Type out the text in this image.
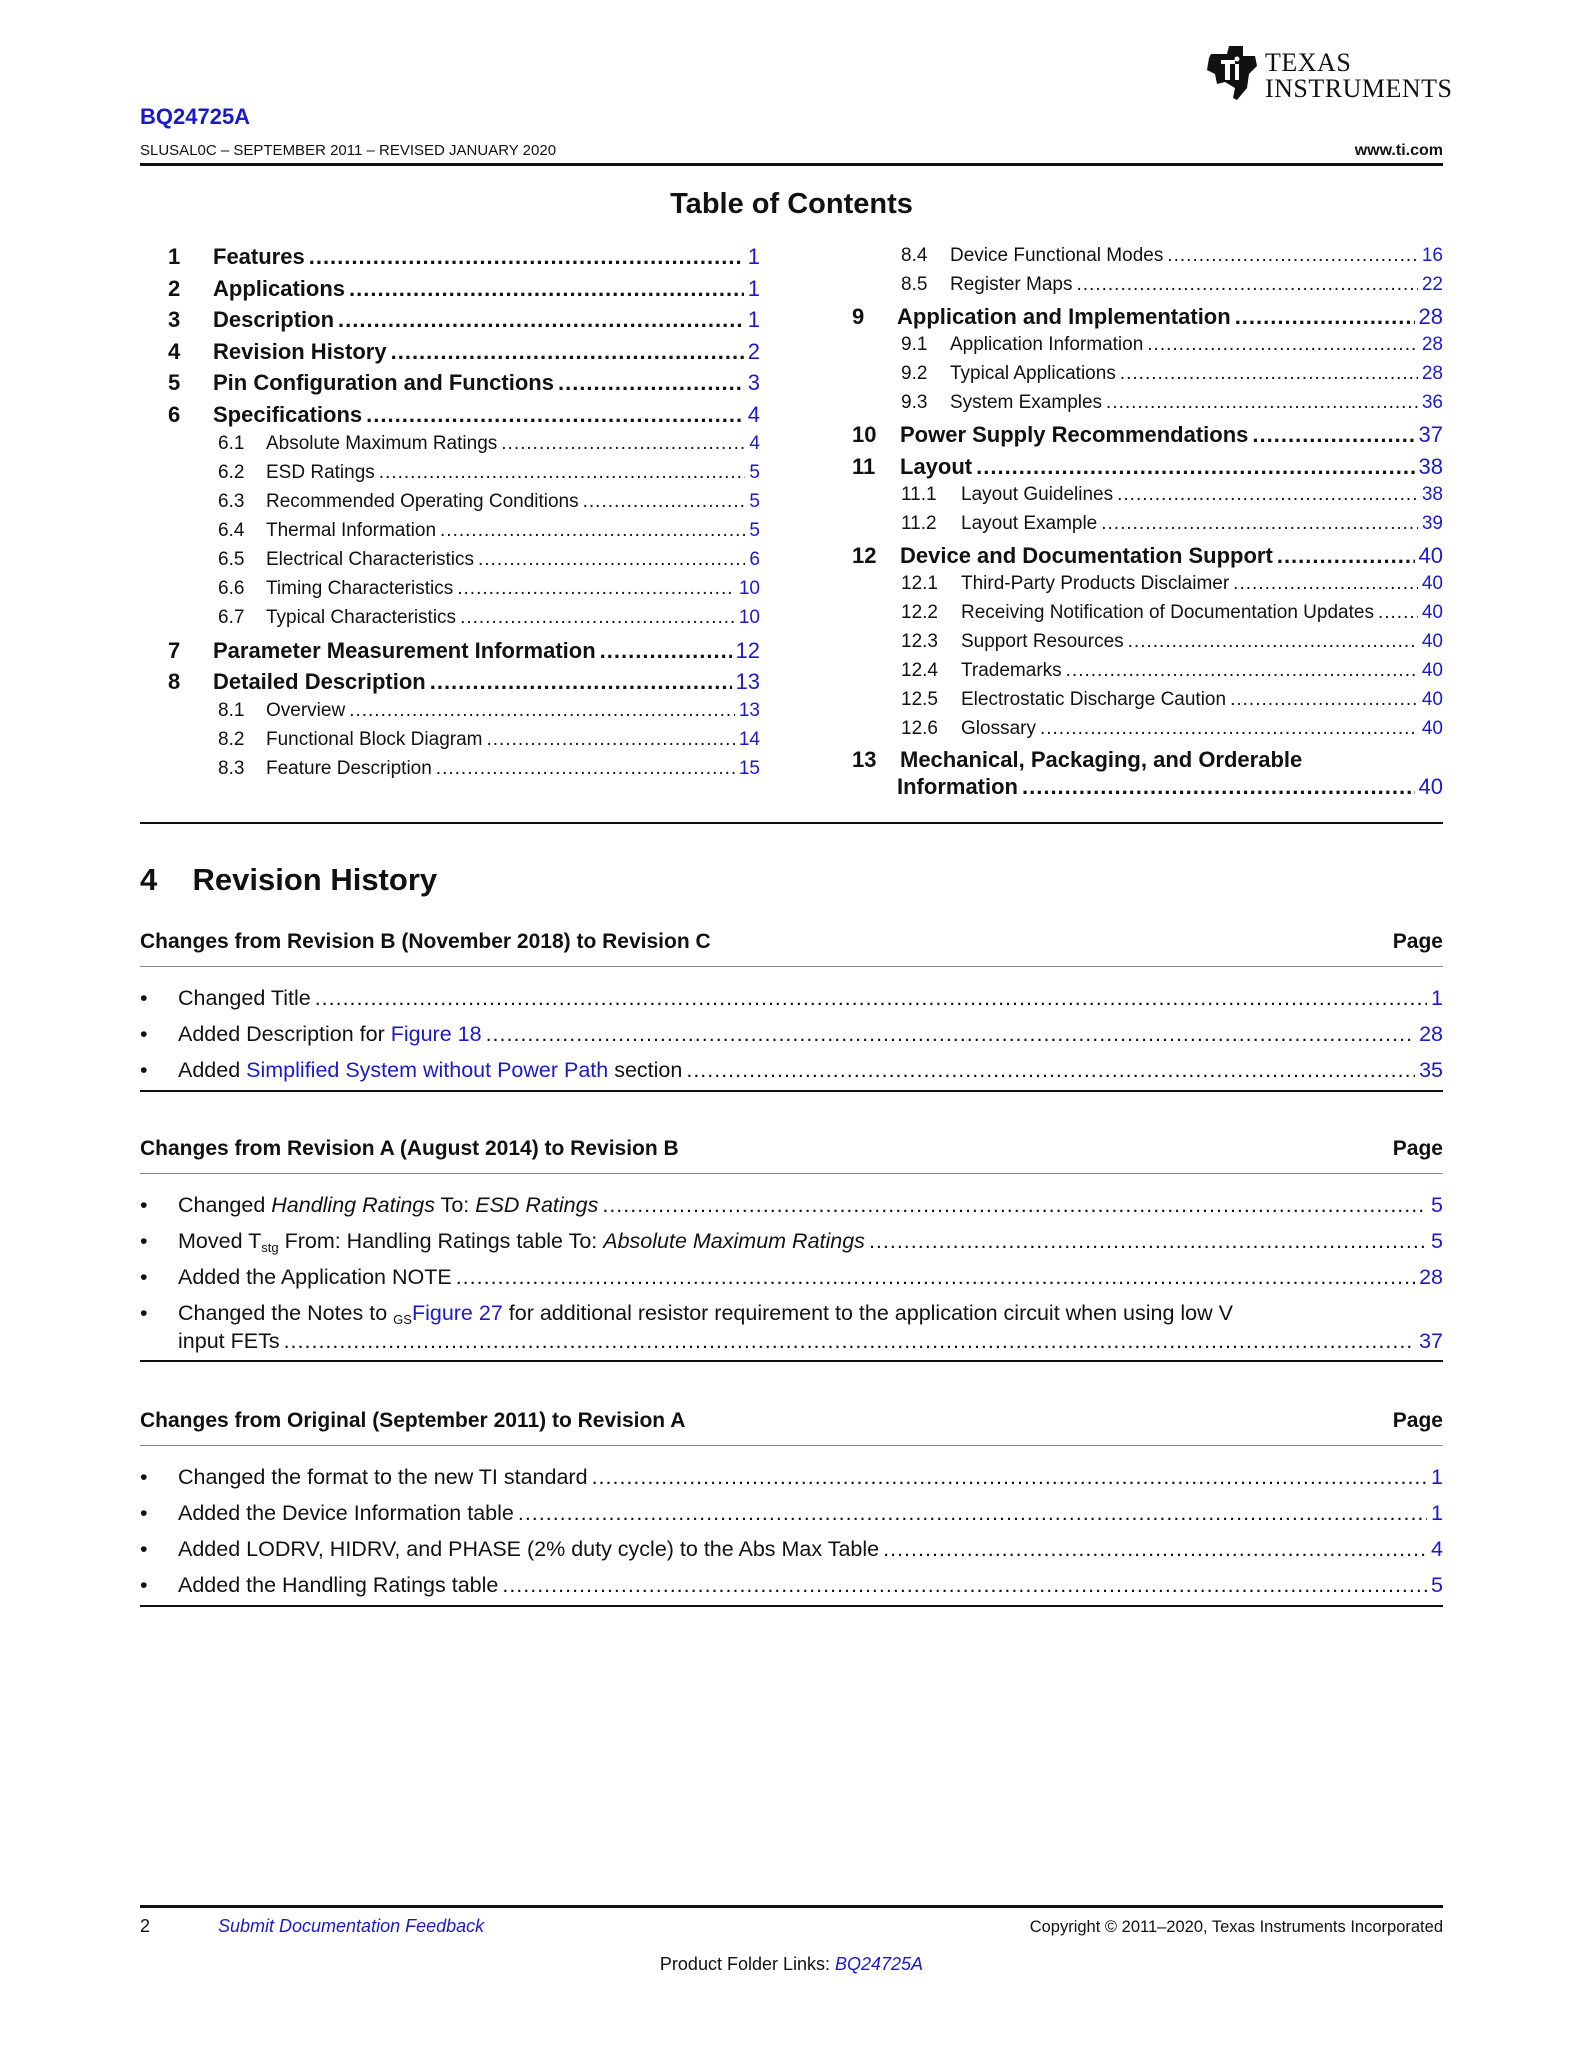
TEXAS
INSTRUMENTS
BQ24725A
SLUSAL0C – SEPTEMBER 2011 – REVISED JANUARY 2020	www.ti.com
Table of Contents
1	Features .....	1
2	Applications .....	1
3	Description .....	1
4	Revision History .....	2
5	Pin Configuration and Functions .....	3
6	Specifications .....	4
6.1	Absolute Maximum Ratings .....	4
6.2	ESD Ratings .....	5
6.3	Recommended Operating Conditions .....	5
6.4	Thermal Information .....	5
6.5	Electrical Characteristics .....	6
6.6	Timing Characteristics .....	10
6.7	Typical Characteristics .....	10
7	Parameter Measurement Information .....	12
8	Detailed Description .....	13
8.1	Overview .....	13
8.2	Functional Block Diagram .....	14
8.3	Feature Description .....	15
8.4	Device Functional Modes .....	16
8.5	Register Maps .....	22
9	Application and Implementation .....	28
9.1	Application Information .....	28
9.2	Typical Applications .....	28
9.3	System Examples .....	36
10	Power Supply Recommendations .....	37
11	Layout .....	38
11.1	Layout Guidelines .....	38
11.2	Layout Example .....	39
12	Device and Documentation Support .....	40
12.1	Third-Party Products Disclaimer .....	40
12.2	Receiving Notification of Documentation Updates .....	40
12.3	Support Resources .....	40
12.4	Trademarks .....	40
12.5	Electrostatic Discharge Caution .....	40
12.6	Glossary .....	40
13	Mechanical, Packaging, and Orderable
Information .....	40
4 Revision History
Changes from Revision B (November 2018) to Revision C	Page
•	Changed Title .....	1
•	Added Description for Figure 18 .....	28
•	Added Simplified System without Power Path section .....	35
Changes from Revision A (August 2014) to Revision B	Page
•	Changed Handling Ratings To: ESD Ratings .....	5
•	Moved $T_{stg}$ From: Handling Ratings table To: Absolute Maximum Ratings .....	5
•	Added the Application NOTE .....	28
•	Changed the Notes to $_{GS}$Figure 27 for additional resistor requirement to the application circuit when using low V
input FETs .....	37
Changes from Original (September 2011) to Revision A	Page
•	Changed the format to the new TI standard .....	1
•	Added the Device Information table .....	1
•	Added LODRV, HIDRV, and PHASE (2% duty cycle) to the Abs Max Table .....	4
•	Added the Handling Ratings table .....	5
2	Submit Documentation Feedback	Copyright © 2011–2020, Texas Instruments Incorporated
Product Folder Links: BQ24725A
